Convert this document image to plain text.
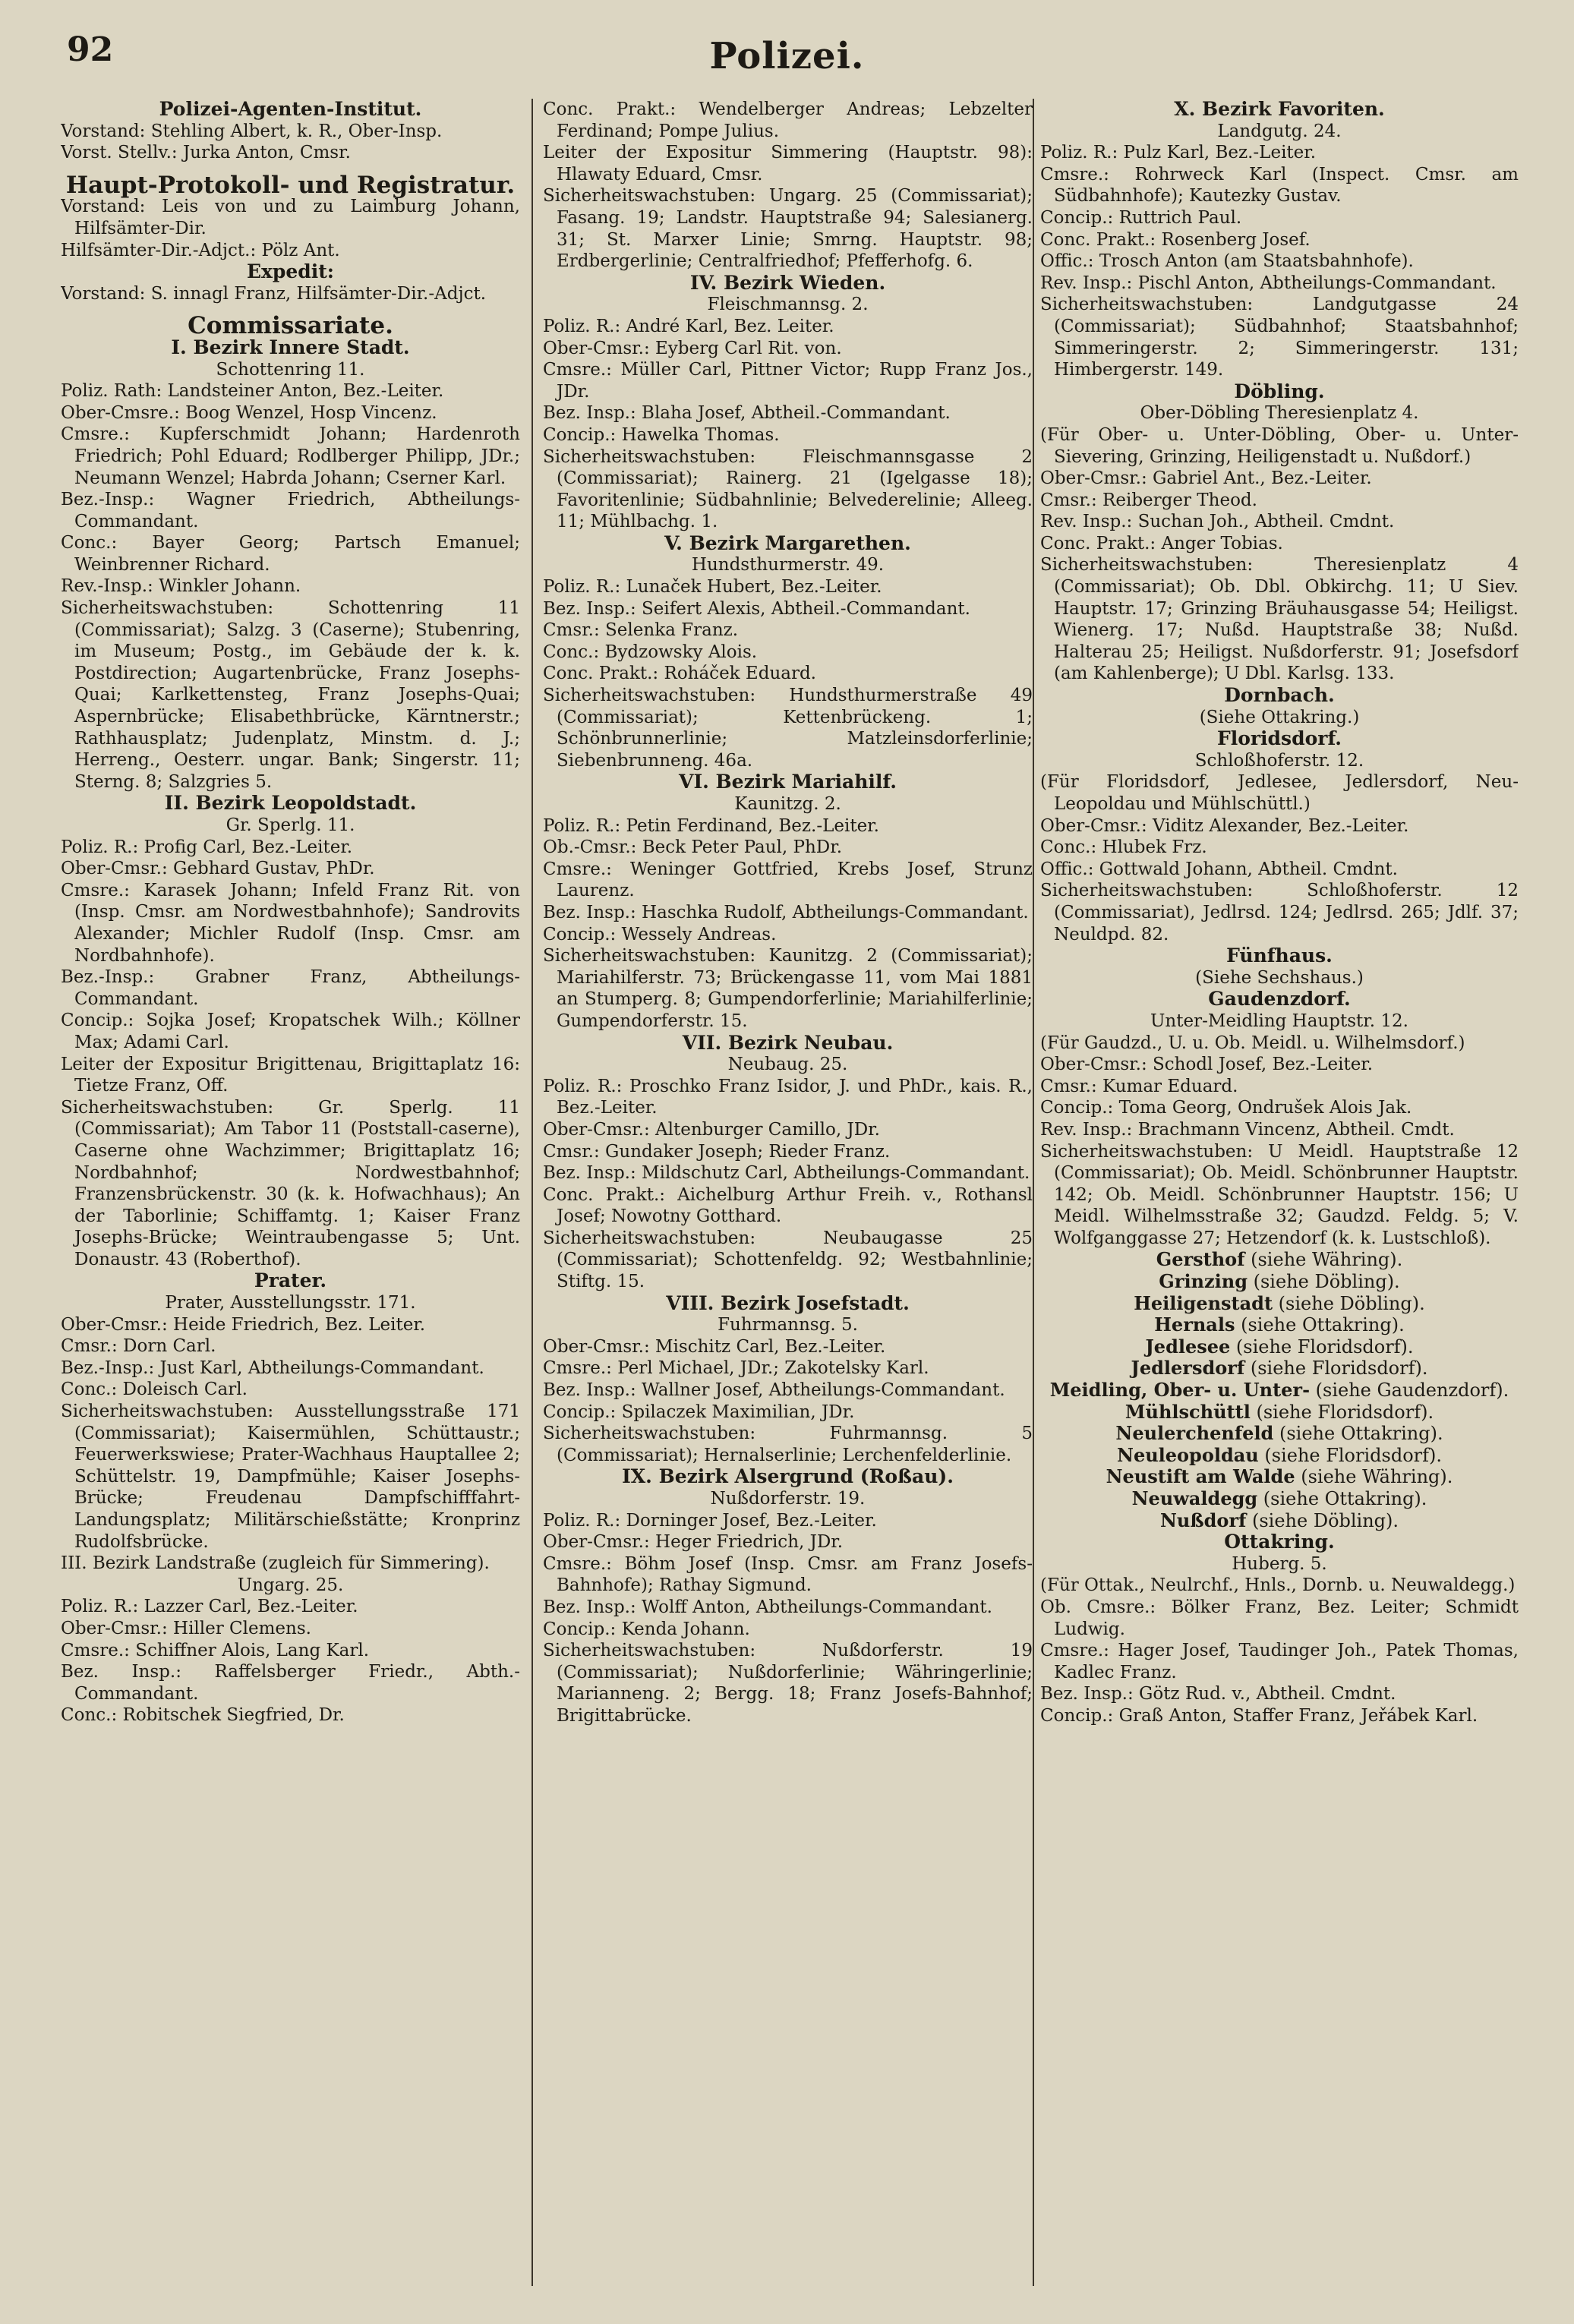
92	Polizei.
Polizei-Agenten-Institut.
Vorstand: Stehling Albert, k. R., Ober-Insp.
Vorst. Stellv.: Jurka Anton, Cmsr.
Haupt-Protokoll- und Registratur.
Vorstand: Leis von und zu Laimburg Johann, Hilfsämter-Dir.
Hilfsämter-Dir.-Adjct.: Pölz Ant.
Expedit:
Vorstand: S. innagl Franz, Hilfsämter-Dir.-Adjct.
Commissariate.
I. Bezirk Innere Stadt.
Schottenring 11.
Poliz. Rath: Landsteiner Anton, Bez.-Leiter.
Ober-Cmsre.: Boog Wenzel, Hosp Vincenz.
Cmsre.: Kupferschmidt Johann; Hardenroth Friedrich; Pohl Eduard; Rodlberger Philipp, JDr.; Neumann Wenzel; Habrda Johann; Cserner Karl.
Bez.-Insp.: Wagner Friedrich, Abtheilungs-Commandant.
Conc.: Bayer Georg; Partsch Emanuel; Weinbrenner Richard.
Rev.-Insp.: Winkler Johann.
Sicherheitswachstuben: Schottenring 11 (Commissariat); Salzg. 3 (Caserne); Stubenring, im Museum; Postg., im Gebäude der k. k. Postdirection; Augartenbrücke, Franz Josephs-Quai; Karlkettensteg, Franz Josephs-Quai; Aspernbrücke; Elisabethbrücke, Kärntnerstr.; Rathhausplatz; Judenplatz, Minstm. d. J.; Herreng., Oesterr. ungar. Bank; Singerstr. 11; Sterng. 8; Salzgries 5.
II. Bezirk Leopoldstadt.
Gr. Sperlg. 11.
Poliz. R.: Profig Carl, Bez.-Leiter.
Ober-Cmsr.: Gebhard Gustav, PhDr.
Cmsre.: Karasek Johann; Infeld Franz Rit. von (Insp. Cmsr. am Nordwestbahnhofe); Sandrovits Alexander; Michler Rudolf (Insp. Cmsr. am Nordbahnhofe).
Bez.-Insp.: Grabner Franz, Abtheilungs-Commandant.
Concip.: Sojka Josef; Kropatschek Wilh.; Köllner Max; Adami Carl.
Leiter der Expositur Brigittenau, Brigittaplatz 16: Tietze Franz, Off.
Sicherheitswachstuben: Gr. Sperlg. 11 (Commissariat); Am Tabor 11 (Poststall-caserne), Caserne ohne Wachzimmer; Brigittaplatz 16; Nordbahnhof; Nordwestbahnhof; Franzensbrückenstr. 30 (k. k. Hofwachhaus); An der Taborlinie; Schiffamtg. 1; Kaiser Franz Josephs-Brücke; Weintraubengasse 5; Unt. Donaustr. 43 (Roberthof).
Prater.
Prater, Ausstellungsstr. 171.
Ober-Cmsr.: Heide Friedrich, Bez. Leiter.
Cmsr.: Dorn Carl.
Bez.-Insp.: Just Karl, Abtheilungs-Commandant.
Conc.: Doleisch Carl.
Sicherheitswachstuben: Ausstellungsstraße 171 (Commissariat); Kaisermühlen, Schüttaustr.; Feuerwerkswiese; Prater-Wachhaus Hauptallee 2; Schüttelstr. 19, Dampfmühle; Kaiser Josephs-Brücke; Freudenau Dampfschifffahrt-Landungsplatz; Militärschießstätte; Kronprinz Rudolfsbrücke.
III. Bezirk Landstraße (zugleich für Simmering).
Ungarg. 25.
Poliz. R.: Lazzer Carl, Bez.-Leiter.
Ober-Cmsr.: Hiller Clemens.
Cmsre.: Schiffner Alois, Lang Karl.
Bez. Insp.: Raffelsberger Friedr., Abth.-Commandant.
Conc.: Robitschek Siegfried, Dr.
Conc. Prakt.: Wendelberger Andreas; Lebzelter Ferdinand; Pompe Julius.
Leiter der Expositur Simmering (Hauptstr. 98): Hlawaty Eduard, Cmsr.
Sicherheitswachstuben: Ungarg. 25 (Commissariat); Fasang. 19; Landstr. Hauptstraße 94; Salesianerg. 31; St. Marxer Linie; Smrng. Hauptstr. 98; Erdbergerlinie; Centralfriedhof; Pfefferhofg. 6.
IV. Bezirk Wieden.
Fleischmannsg. 2.
Poliz. R.: André Karl, Bez. Leiter.
Ober-Cmsr.: Eyberg Carl Rit. von.
Cmsre.: Müller Carl, Pittner Victor; Rupp Franz Jos., JDr.
Bez. Insp.: Blaha Josef, Abtheil.-Commandant.
Concip.: Hawelka Thomas.
Sicherheitswachstuben: Fleischmannsgasse 2 (Commissariat); Rainerg. 21 (Igelgasse 18); Favoritenlinie; Südbahnlinie; Belvederelinie; Alleeg. 11; Mühlbachg. 1.
V. Bezirk Margarethen.
Hundsthurmerstr. 49.
Poliz. R.: Lunaček Hubert, Bez.-Leiter.
Bez. Insp.: Seifert Alexis, Abtheil.-Commandant.
Cmsr.: Selenka Franz.
Conc.: Bydzowsky Alois.
Conc. Prakt.: Roháček Eduard.
Sicherheitswachstuben: Hundsthurmerstraße 49 (Commissariat); Kettenbrückeng. 1; Schönbrunnerlinie; Matzleinsdorferlinie; Siebenbrunneng. 46a.
VI. Bezirk Mariahilf.
Kaunitzg. 2.
Poliz. R.: Petin Ferdinand, Bez.-Leiter.
Ob.-Cmsr.: Beck Peter Paul, PhDr.
Cmsre.: Weninger Gottfried, Krebs Josef, Strunz Laurenz.
Bez. Insp.: Haschka Rudolf, Abtheilungs-Commandant.
Concip.: Wessely Andreas.
Sicherheitswachstuben: Kaunitzg. 2 (Commissariat); Mariahilferstr. 73; Brückengasse 11, vom Mai 1881 an Stumperg. 8; Gumpendorferlinie; Mariahilferlinie; Gumpendorferstr. 15.
VII. Bezirk Neubau.
Neubaug. 25.
Poliz. R.: Proschko Franz Isidor, J. und PhDr., kais. R., Bez.-Leiter.
Ober-Cmsr.: Altenburger Camillo, JDr.
Cmsr.: Gundaker Joseph; Rieder Franz.
Bez. Insp.: Mildschutz Carl, Abtheilungs-Commandant.
Conc. Prakt.: Aichelburg Arthur Freih. v., Rothansl Josef; Nowotny Gotthard.
Sicherheitswachstuben: Neubaugasse 25 (Commissariat); Schottenfeldg. 92; Westbahnlinie; Stiftg. 15.
VIII. Bezirk Josefstadt.
Fuhrmannsg. 5.
Ober-Cmsr.: Mischitz Carl, Bez.-Leiter.
Cmsre.: Perl Michael, JDr.; Zakotelsky Karl.
Bez. Insp.: Wallner Josef, Abtheilungs-Commandant.
Concip.: Spilaczek Maximilian, JDr.
Sicherheitswachstuben: Fuhrmannsg. 5 (Commissariat); Hernalserlinie; Lerchenfelderlinie.
IX. Bezirk Alsergrund (Roßau).
Nußdorferstr. 19.
Poliz. R.: Dorninger Josef, Bez.-Leiter.
Ober-Cmsr.: Heger Friedrich, JDr.
Cmsre.: Böhm Josef (Insp. Cmsr. am Franz Josefs-Bahnhofe); Rathay Sigmund.
Bez. Insp.: Wolff Anton, Abtheilungs-Commandant.
Concip.: Kenda Johann.
Sicherheitswachstuben: Nußdorferstr. 19 (Commissariat); Nußdorferlinie; Währingerlinie; Marianneng. 2; Bergg. 18; Franz Josefs-Bahnhof; Brigittabrücke.
X. Bezirk Favoriten.
Landgutg. 24.
Poliz. R.: Pulz Karl, Bez.-Leiter.
Cmsre.: Rohrweck Karl (Inspect. Cmsr. am Südbahnhofe); Kautezky Gustav.
Concip.: Ruttrich Paul.
Conc. Prakt.: Rosenberg Josef.
Offic.: Trosch Anton (am Staatsbahnhofe).
Rev. Insp.: Pischl Anton, Abtheilungs-Commandant.
Sicherheitswachstuben: Landgutgasse 24 (Commissariat); Südbahnhof; Staatsbahnhof; Simmeringerstr. 2; Simmeringerstr. 131; Himbergerstr. 149.
Döbling.
Ober-Döbling Theresienplatz 4.
(Für Ober- u. Unter-Döbling, Ober- u. Unter-Sievering, Grinzing, Heiligenstadt u. Nußdorf.)
Ober-Cmsr.: Gabriel Ant., Bez.-Leiter.
Cmsr.: Reiberger Theod.
Rev. Insp.: Suchan Joh., Abtheil. Cmdnt.
Conc. Prakt.: Anger Tobias.
Sicherheitswachstuben: Theresienplatz 4 (Commissariat); Ob. Dbl. Obkirchg. 11; U Siev. Hauptstr. 17; Grinzing Bräuhausgasse 54; Heiligst. Wienerg. 17; Nußd. Hauptstraße 38; Nußd. Halterau 25; Heiligst. Nußdorferstr. 91; Josefsdorf (am Kahlenberge); U Dbl. Karlsg. 133.
Dornbach.
(Siehe Ottakring.)
Floridsdorf.
Schloßhoferstr. 12.
(Für Floridsdorf, Jedlesee, Jedlersdorf, Neu-Leopoldau und Mühlschüttl.)
Ober-Cmsr.: Viditz Alexander, Bez.-Leiter.
Conc.: Hlubek Frz.
Offic.: Gottwald Johann, Abtheil. Cmdnt.
Sicherheitswachstuben: Schloßhoferstr. 12 (Commissariat), Jedlrsd. 124; Jedlrsd. 265; Jdlf. 37; Neuldpd. 82.
Fünfhaus.
(Siehe Sechshaus.)
Gaudenzdorf.
Unter-Meidling Hauptstr. 12.
(Für Gaudzd., U. u. Ob. Meidl. u. Wilhelmsdorf.)
Ober-Cmsr.: Schodl Josef, Bez.-Leiter.
Cmsr.: Kumar Eduard.
Concip.: Toma Georg, Ondrušek Alois Jak.
Rev. Insp.: Brachmann Vincenz, Abtheil. Cmdt.
Sicherheitswachstuben: U Meidl. Hauptstraße 12 (Commissariat); Ob. Meidl. Schönbrunner Hauptstr. 142; Ob. Meidl. Schönbrunner Hauptstr. 156; U Meidl. Wilhelmsstraße 32; Gaudzd. Feldg. 5; V. Wolfganggasse 27; Hetzendorf (k. k. Lustschloß).
Gersthof (siehe Währing).
Grinzing (siehe Döbling).
Heiligenstadt (siehe Döbling).
Hernals (siehe Ottakring).
Jedlesee (siehe Floridsdorf).
Jedlersdorf (siehe Floridsdorf).
Meidling, Ober- u. Unter- (siehe Gaudenzdorf).
Mühlschüttl (siehe Floridsdorf).
Neulerchenfeld (siehe Ottakring).
Neuleopoldau (siehe Floridsdorf).
Neustift am Walde (siehe Währing).
Neuwaldegg (siehe Ottakring).
Nußdorf (siehe Döbling).
Ottakring.
Huberg. 5.
(Für Ottak., Neulrchf., Hnls., Dornb. u. Neuwaldegg.)
Ob. Cmsre.: Bölker Franz, Bez. Leiter; Schmidt Ludwig.
Cmsre.: Hager Josef, Taudinger Joh., Patek Thomas, Kadlec Franz.
Bez. Insp.: Götz Rud. v., Abtheil. Cmdnt.
Concip.: Graß Anton, Staffer Franz, Jeřábek Karl.
